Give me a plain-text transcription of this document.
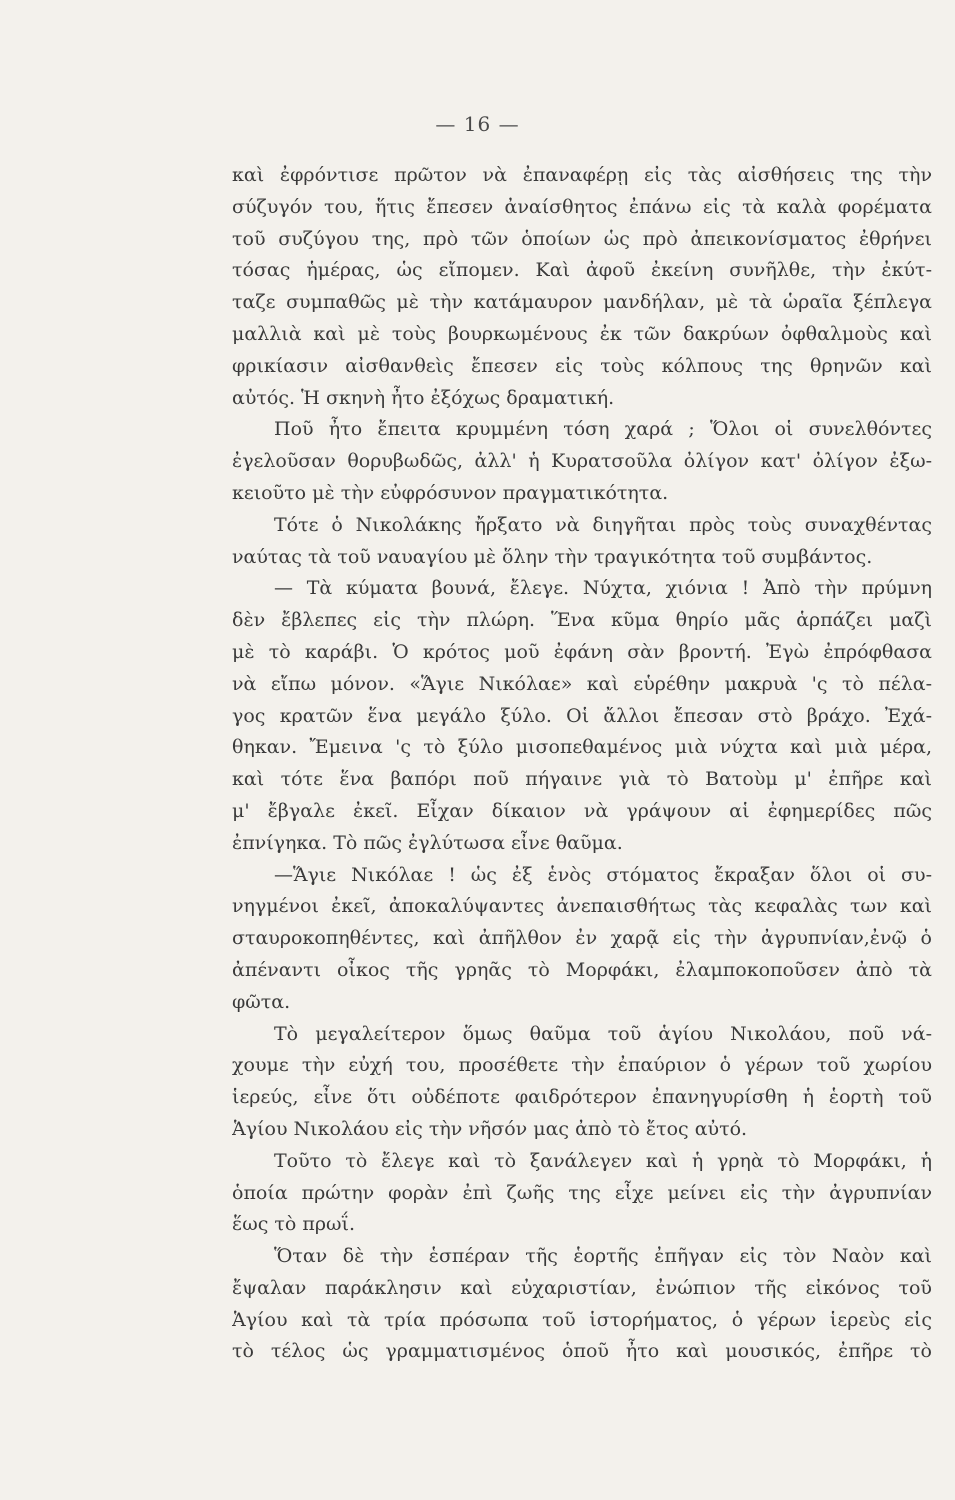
— 16 —
καὶ ἐφρόντισε πρῶτον νὰ ἐπαναφέρῃ εἰς τὰς αἰσθήσεις της τὴν
σύζυγόν του, ἥτις ἔπεσεν ἀναίσθητος ἐπάνω εἰς τὰ καλὰ φορέματα
τοῦ συζύγου της, πρὸ τῶν ὁποίων ὡς πρὸ ἀπεικονίσματος ἐθρήνει
τόσας ἡμέρας, ὡς εἴπομεν. Καὶ ἀφοῦ ἐκείνη συνῆλθε, τὴν ἐκύτ-
ταζε συμπαθῶς μὲ τὴν κατάμαυρον μανδήλαν, μὲ τὰ ὡραῖα ξέπλεγα
μαλλιὰ καὶ μὲ τοὺς βουρκωμένους ἐκ τῶν δακρύων ὀφθαλμοὺς καὶ
φρικίασιν αἰσθανθεὶς ἔπεσεν εἰς τοὺς κόλπους της θρηνῶν καὶ
αὐτός. Ἡ σκηνὴ ἦτο ἐξόχως δραματική.
Ποῦ ἦτο ἔπειτα κρυμμένη τόση χαρά ; Ὅλοι οἱ συνελθόντες
ἐγελοῦσαν θορυβωδῶς, ἀλλ' ἡ Κυρατσοῦλα ὀλίγον κατ' ὀλίγον ἐξω-
κειοῦτο μὲ τὴν εὐφρόσυνον πραγματικότητα.
Τότε ὁ Νικολάκης ἤρξατο νὰ διηγῆται πρὸς τοὺς συναχθέντας
ναύτας τὰ τοῦ ναυαγίου μὲ ὅλην τὴν τραγικότητα τοῦ συμβάντος.
— Τὰ κύματα βουνά, ἔλεγε. Νύχτα, χιόνια ! Ἀπὸ τὴν πρύμνη
δὲν ἔβλεπες εἰς τὴν πλώρη. Ἕνα κῦμα θηρίο μᾶς ἁρπάζει μαζὶ
μὲ τὸ καράβι. Ὁ κρότος μοῦ ἐφάνη σὰν βροντή. Ἐγὼ ἐπρόφθασα
νὰ εἴπω μόνον. «Ἅγιε Νικόλαε» καὶ εὑρέθην μακρυὰ 'ς τὸ πέλα-
γος κρατῶν ἕνα μεγάλο ξύλο. Οἱ ἄλλοι ἔπεσαν στὸ βράχο. Ἐχά-
θηκαν. Ἔμεινα 'ς τὸ ξύλο μισοπεθαμένος μιὰ νύχτα καὶ μιὰ μέρα,
καὶ τότε ἕνα βαπόρι ποῦ πήγαινε γιὰ τὸ Βατοὺμ μ' ἐπῆρε καὶ
μ' ἔβγαλε ἐκεῖ. Εἶχαν δίκαιον νὰ γράψουν αἱ ἐφημερίδες πῶς
ἐπνίγηκα. Τὸ πῶς ἐγλύτωσα εἶνε θαῦμα.
—Ἅγιε Νικόλαε ! ὡς ἐξ ἑνὸς στόματος ἔκραξαν ὅλοι οἱ συ-
νηγμένοι ἐκεῖ, ἀποκαλύψαντες ἀνεπαισθήτως τὰς κεφαλὰς των καὶ
σταυροκοπηθέντες, καὶ ἀπῆλθον ἐν χαρᾷ εἰς τὴν ἀγρυπνίαν,ἐνῷ ὁ
ἀπέναντι οἶκος τῆς γρηᾶς τὸ Μορφάκι, ἐλαμποκοποῦσεν ἀπὸ τὰ
φῶτα.
Τὸ μεγαλείτερον ὅμως θαῦμα τοῦ ἁγίου Νικολάου, ποῦ νά-
χουμε τὴν εὐχή του, προσέθετε τὴν ἐπαύριον ὁ γέρων τοῦ χωρίου
ἱερεύς, εἶνε ὅτι οὐδέποτε φαιδρότερον ἐπανηγυρίσθη ἡ ἑορτὴ τοῦ
Ἁγίου Νικολάου εἰς τὴν νῆσόν μας ἀπὸ τὸ ἔτος αὐτό.
Τοῦτο τὸ ἔλεγε καὶ τὸ ξανάλεγεν καὶ ἡ γρηὰ τὸ Μορφάκι, ἡ
ὁποία πρώτην φορὰν ἐπὶ ζωῆς της εἶχε μείνει εἰς τὴν ἀγρυπνίαν
ἕως τὸ πρωΐ.
Ὅταν δὲ τὴν ἑσπέραν τῆς ἑορτῆς ἐπῆγαν εἰς τὸν Ναὸν καὶ
ἔψαλαν παράκλησιν καὶ εὐχαριστίαν, ἐνώπιον τῆς εἰκόνος τοῦ
Ἁγίου καὶ τὰ τρία πρόσωπα τοῦ ἱστορήματος, ὁ γέρων ἱερεὺς εἰς
τὸ τέλος ὡς γραμματισμένος ὁποῦ ἦτο καὶ μουσικός, ἐπῆρε τὸ
